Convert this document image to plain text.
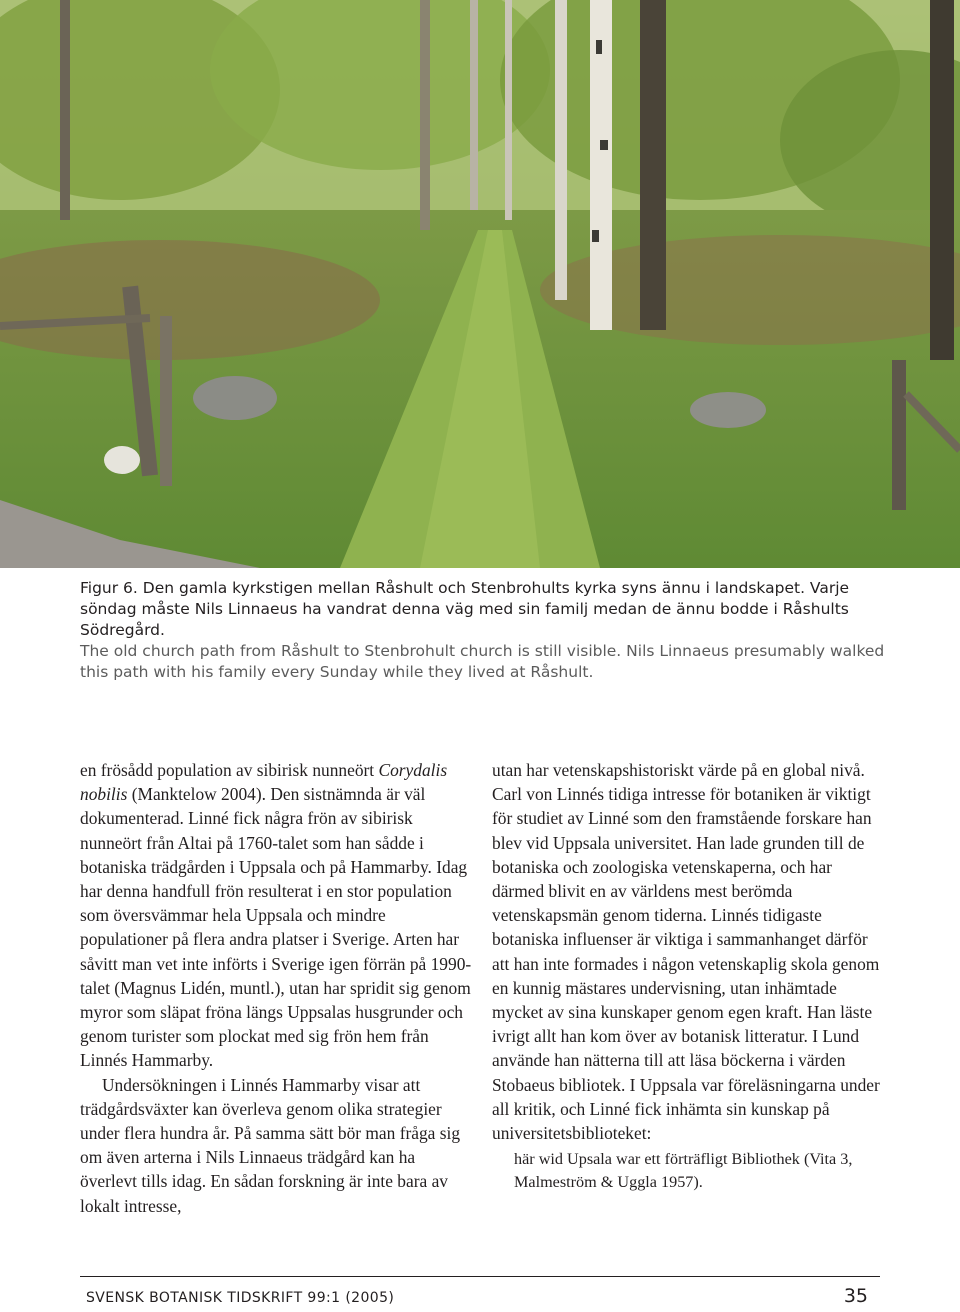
Figur 6. Den gamla kyrkstigen mellan Råshult och Stenbrohults kyrka syns ännu i landskapet. Varje söndag måste Nils Linnaeus ha vandrat denna väg med sin familj medan de ännu bodde i Råshults Södregård.

The old church path from Råshult to Stenbrohult church is still visible. Nils Linnaeus presumably walked this path with his family every Sunday while they lived at Råshult.

en frösådd population av sibirisk nunneört Corydalis nobilis (Manktelow 2004). Den sistnämnda är väl dokumenterad. Linné fick några frön av sibirisk nunneört från Altai på 1760-talet som han sådde i botaniska trädgården i Uppsala och på Hammarby. Idag har denna handfull frön resulterat i en stor population som översvämmar hela Uppsala och mindre populationer på flera andra platser i Sverige. Arten har såvitt man vet inte införts i Sverige igen förrän på 1990-talet (Magnus Lidén, muntl.), utan har spridit sig genom myror som släpat fröna längs Uppsalas husgrunder och genom turister som plockat med sig frön hem från Linnés Hammarby.

Undersökningen i Linnés Hammarby visar att trädgårdsväxter kan överleva genom olika strategier under flera hundra år. På samma sätt bör man fråga sig om även arterna i Nils Linnaeus trädgård kan ha överlevt tills idag. En sådan forskning är inte bara av lokalt intresse,

utan har vetenskapshistoriskt värde på en global nivå. Carl von Linnés tidiga intresse för botaniken är viktigt för studiet av Linné som den framstående forskare han blev vid Uppsala universitet. Han lade grunden till de botaniska och zoologiska vetenskaperna, och har därmed blivit en av världens mest berömda vetenskapsmän genom tiderna. Linnés tidigaste botaniska influenser är viktiga i sammanhanget därför att han inte formades i någon vetenskaplig skola genom en kunnig mästares undervisning, utan inhämtade mycket av sina kunskaper genom egen kraft. Han läste ivrigt allt han kom över av botanisk litteratur. I Lund använde han nätterna till att läsa böckerna i värden Stobaeus bibliotek. I Uppsala var föreläsningarna under all kritik, och Linné fick inhämta sin kunskap på universitetsbiblioteket:

här wid Upsala war ett förträfligt Bibliothek (Vita 3, Malmeström & Uggla 1957).

SVENSK BOTANISK TIDSKRIFT 99:1 (2005)	35
